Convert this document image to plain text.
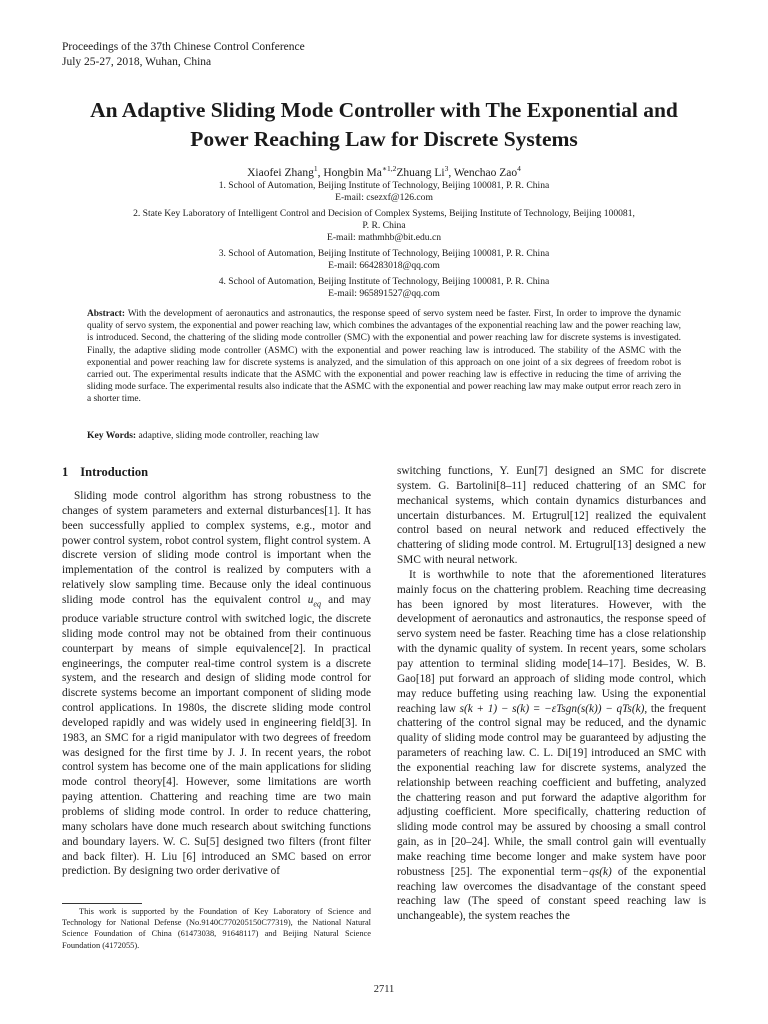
Proceedings of the 37th Chinese Control Conference
July 25-27, 2018, Wuhan, China
An Adaptive Sliding Mode Controller with The Exponential and
Power Reaching Law for Discrete Systems
Xiaofei Zhang$^1$, Hongbin $Ma^{∗1,2}Zhuang$ Li$^3$, Wenchao Zao$^4$
1. School of Automation, Beijing Institute of Technology, Beijing 100081, P. R. China
E-mail: csezxf@126.com
2. State Key Laboratory of Intelligent Control and Decision of Complex Systems, Beijing Institute of Technology, Beijing 100081,
P. R. China
E-mail: mathmhb@bit.edu.cn
3. School of Automation, Beijing Institute of Technology, Beijing 100081, P. R. China
E-mail: 664283018@qq.com
4. School of Automation, Beijing Institute of Technology, Beijing 100081, P. R. China
E-mail: 965891527@qq.com
Abstract: With the development of aeronautics and astronautics, the response speed of servo system need be faster. First, In order to improve the dynamic quality of servo system, the exponential and power reaching law, which combines the advantages of the exponential reaching law and the power reaching law, is introduced. Second, the chattering of the sliding mode controller (SMC) with the exponential and power reaching law for discrete systems is investigated. Finally, the adaptive sliding mode controller (ASMC) with the exponential and power reaching law is introduced. The stability of the ASMC with the exponential and power reaching law for discrete systems is analyzed, and the simulation of this approach on one joint of a six degrees of freedom robot is carried out. The experimental results indicate that the ASMC with the exponential and power reaching law is effective in reducing the time of arriving the sliding mode surface. The experimental results also indicate that the ASMC with the exponential and power reaching law may make output error reach zero in a shorter time.
Key Words: adaptive, sliding mode controller, reaching law
1 Introduction

Sliding mode control algorithm has strong robustness to the changes of system parameters and external disturbances[1]. It has been successfully applied to complex systems, e.g., motor and power control system, robot control system, flight control system. A discrete version of sliding mode control is important when the implementation of the control is realized by computers with a relatively slow sampling time. Because only the ideal continuous sliding mode control has the equivalent control $u_{eq}$ and may produce variable structure control with switched logic, the discrete sliding mode control may not be obtained from their continuous counterpart by means of simple equivalence[2]. In practical engineerings, the computer real-time control system is a discrete system, and the research and design of sliding mode control for discrete systems become an important component of sliding mode control applications. In 1980s, the discrete sliding mode control developed rapidly and was widely used in engineering field[3]. In 1983, an SMC for a rigid manipulator with two degrees of freedom was designed for the first time by J. J. In recent years, the robot control system has become one of the main applications for sliding mode control theory[4]. However, some limitations are worth paying attention. Chattering and reaching time are two main problems of sliding mode control. In order to reduce chattering, many scholars have done much research about switching functions and boundary layers. W. C. Su[5] designed two filters (front filter and back filter). H. Liu [6] introduced an SMC based on error prediction. By designing two order derivative of

switching functions, Y. Eun[7] designed an SMC for discrete system. G. Bartolini[8–11] reduced chattering of an SMC for mechanical systems, which contain dynamics disturbances and uncertain disturbances. M. Ertugrul[12] realized the equivalent control based on neural network and reduced effectively the chattering of sliding mode control. M. Ertugrul[13] designed a new SMC with neural network.

It is worthwhile to note that the aforementioned literatures mainly focus on the chattering problem. Reaching time decreasing has been ignored by most literatures. However, with the development of aeronautics and astronautics, the response speed of servo system need be faster. Reaching time has a close relationship with the dynamic quality of system. In recent years, some scholars pay attention to terminal sliding mode[14–17]. Besides, W. B. Gao[18] put forward an approach of sliding mode control, which may reduce buffeting using reaching law. Using the exponential reaching law s(k + 1) − s(k) = −εTsgn(s(k)) − qTs(k), the frequent chattering of the control signal may be reduced, and the dynamic quality of sliding mode control may be guaranteed by adjusting the parameters of reaching law. C. L. Di[19] introduced an SMC with the exponential reaching law for discrete systems, analyzed the relationship between reaching coefficient and buffeting, analyzed the chattering reason and put forward the adaptive algorithm for adjusting coefficient. More specifically, chattering reduction of sliding mode control may be assured by choosing a small control gain, as in [20–24]. While, the small control gain will eventually make reaching time become longer and make system have poor robustness [25]. The exponential term−qs(k) of the exponential reaching law overcomes the disadvantage of the constant speed reaching law (The speed of constant speed reaching law is unchangeable), the system reaches the

This work is supported by the Foundation of Key Laboratory of Science and Technology for National Defense (No.9140C770205150C77319), the National Natural Science Foundation of China (61473038, 91648117) and Beijing Natural Science Foundation (4172055).
2711
